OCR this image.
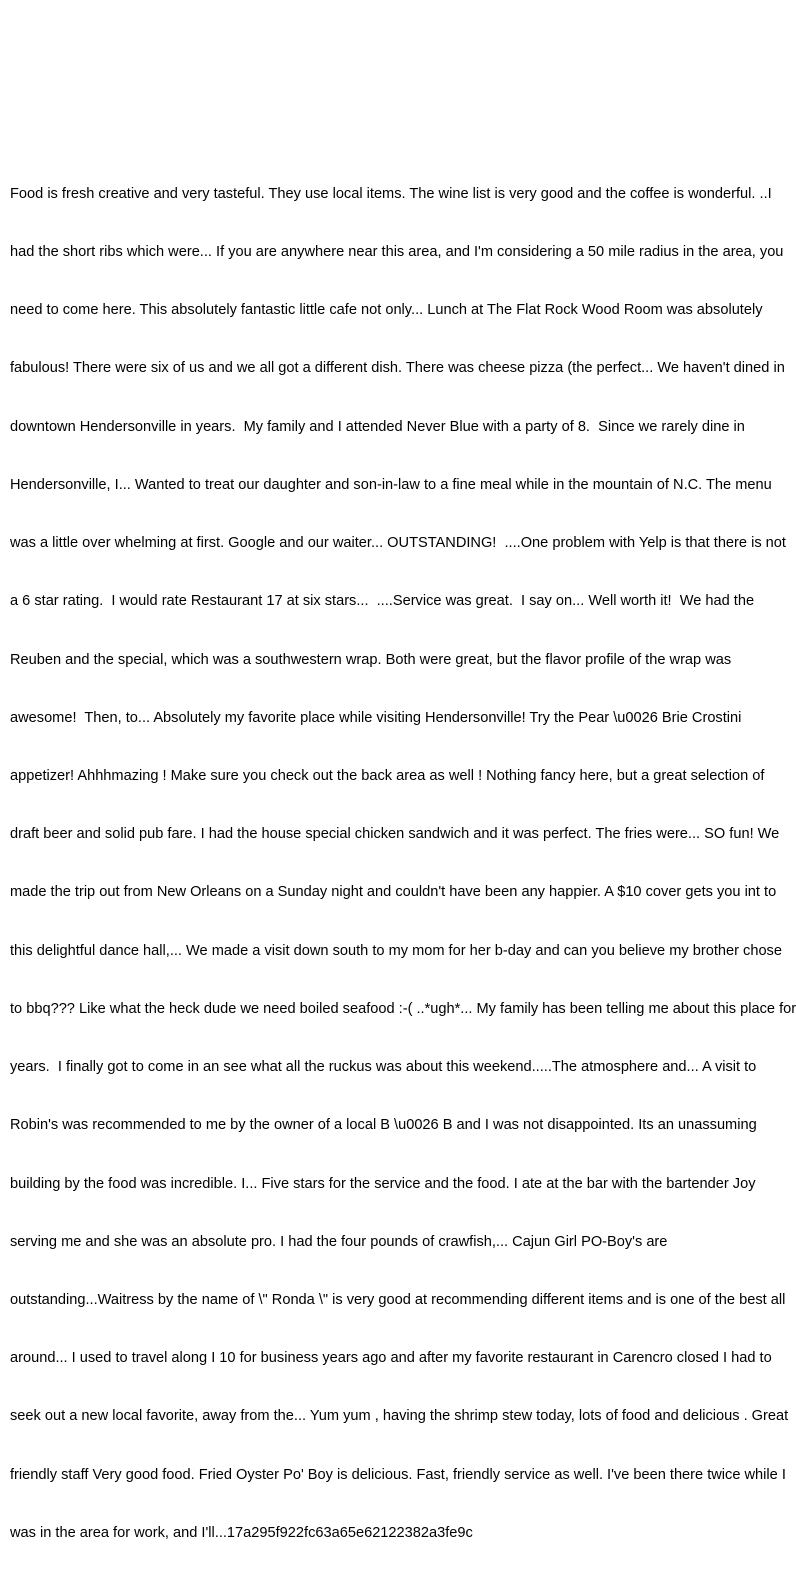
Food is fresh creative and very tasteful. They use local items. The wine list is very good and the coffee is wonderful. ..I

had the short ribs which were... If you are anywhere near this area, and I'm considering a 50 mile radius in the area, you

need to come here. This absolutely fantastic little cafe not only... Lunch at The Flat Rock Wood Room was absolutely

fabulous! There were six of us and we all got a different dish. There was cheese pizza (the perfect... We haven't dined in

downtown Hendersonville in years.  My family and I attended Never Blue with a party of 8.  Since we rarely dine in

Hendersonville, I... Wanted to treat our daughter and son-in-law to a fine meal while in the mountain of N.C. The menu

was a little over whelming at first. Google and our waiter... OUTSTANDING!  ....One problem with Yelp is that there is not

a 6 star rating.  I would rate Restaurant 17 at six stars...  ....Service was great.  I say on... Well worth it!  We had the

Reuben and the special, which was a southwestern wrap. Both were great, but the flavor profile of the wrap was

awesome!  Then, to... Absolutely my favorite place while visiting Hendersonville! Try the Pear \u0026 Brie Crostini

appetizer! Ahhhmazing ! Make sure you check out the back area as well ! Nothing fancy here, but a great selection of

draft beer and solid pub fare. I had the house special chicken sandwich and it was perfect. The fries were... SO fun! We

made the trip out from New Orleans on a Sunday night and couldn't have been any happier. A $10 cover gets you int to

this delightful dance hall,... We made a visit down south to my mom for her b-day and can you believe my brother chose

to bbq??? Like what the heck dude we need boiled seafood :-( ..*ugh*... My family has been telling me about this place for

years.  I finally got to come in an see what all the ruckus was about this weekend.....The atmosphere and... A visit to

Robin's was recommended to me by the owner of a local B \u0026 B and I was not disappointed. Its an unassuming

building by the food was incredible. I... Five stars for the service and the food. I ate at the bar with the bartender Joy

serving me and she was an absolute pro. I had the four pounds of crawfish,... Cajun Girl PO-Boy's are

outstanding...Waitress by the name of \" Ronda \" is very good at recommending different items and is one of the best all

around... I used to travel along I 10 for business years ago and after my favorite restaurant in Carencro closed I had to

seek out a new local favorite, away from the... Yum yum , having the shrimp stew today, lots of food and delicious . Great

friendly staff Very good food. Fried Oyster Po' Boy is delicious. Fast, friendly service as well. I've been there twice while I

was in the area for work, and I'll...17a295f922fc63a65e62122382a3fe9c
